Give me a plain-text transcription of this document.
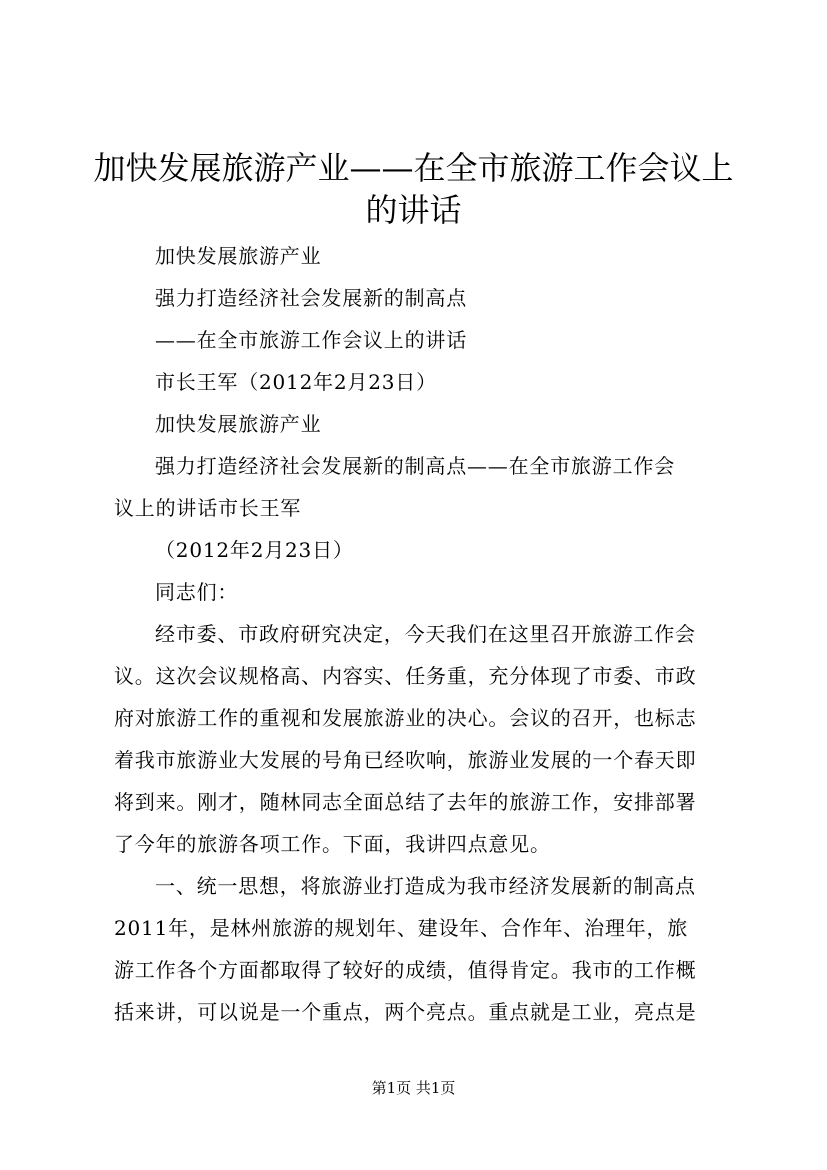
加快发展旅游产业——在全市旅游工作会议上
的讲话
加快发展旅游产业
强力打造经济社会发展新的制高点
——在全市旅游工作会议上的讲话
市长王军（2012年2月23日）
加快发展旅游产业
强力打造经济社会发展新的制高点——在全市旅游工作会
议上的讲话市长王军
（2012年2月23日）
同志们：
经市委、市政府研究决定，今天我们在这里召开旅游工作会
议。这次会议规格高、内容实、任务重，充分体现了市委、市政
府对旅游工作的重视和发展旅游业的决心。会议的召开，也标志
着我市旅游业大发展的号角已经吹响，旅游业发展的一个春天即
将到来。刚才，随林同志全面总结了去年的旅游工作，安排部署
了今年的旅游各项工作。下面，我讲四点意见。
一、统一思想，将旅游业打造成为我市经济发展新的制高点
2011年，是林州旅游的规划年、建设年、合作年、治理年，旅
游工作各个方面都取得了较好的成绩，值得肯定。我市的工作概
括来讲，可以说是一个重点，两个亮点。重点就是工业，亮点是
第1页 共1页
